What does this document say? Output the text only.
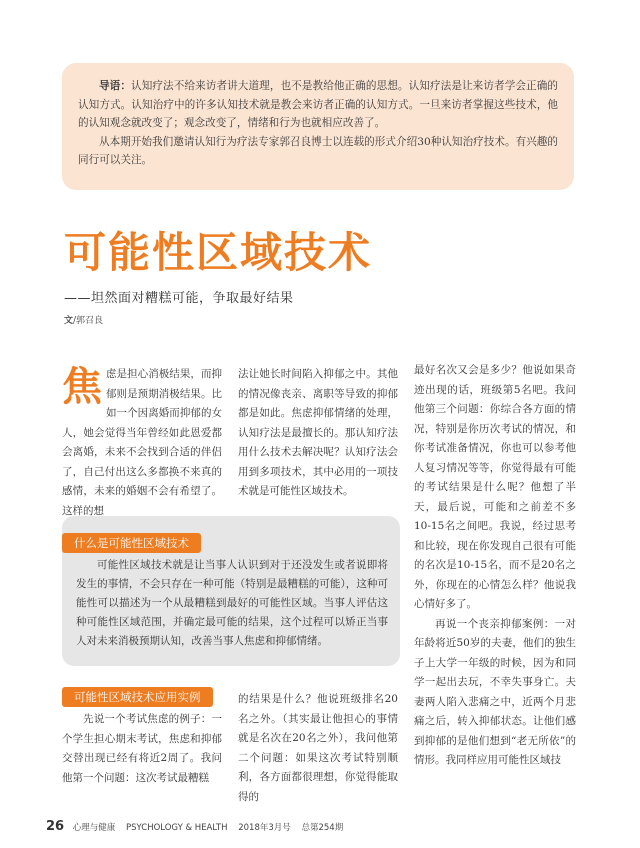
导语：认知疗法不给来访者讲大道理，也不是教给他正确的思想。认知疗法是让来访者学会正确的认知方式。认知治疗中的许多认知技术就是教会来访者正确的认知方式。一旦来访者掌握这些技术，他的认知观念就改变了；观念改变了，情绪和行为也就相应改善了。

从本期开始我们邀请认知行为疗法专家郭召良博士以连载的形式介绍30种认知治疗技术。有兴趣的同行可以关注。

可能性区域技术
——坦然面对糟糕可能，争取最好结果
文/郭召良

焦虑是担心消极结果，而抑郁则是预期消极结果。比如一个因离婚而抑郁的女人，她会觉得当年曾经如此恩爱都会离婚，未来不会找到合适的伴侣了，自己付出这么多都换不来真的感情，未来的婚姻不会有希望了。这样的想

法让她长时间陷入抑郁之中。其他的情况像丧亲、离职等导致的抑郁都是如此。焦虑抑郁情绪的处理，认知疗法是最擅长的。那认知疗法用什么技术去解决呢？认知疗法会用到多项技术，其中必用的一项技术就是可能性区域技术。

什么是可能性区域技术

可能性区域技术就是让当事人认识到对于还没发生或者说即将发生的事情，不会只存在一种可能（特别是最糟糕的可能），这种可能性可以描述为一个从最糟糕到最好的可能性区域。当事人评估这种可能性区域范围，并确定最可能的结果，这个过程可以矫正当事人对未来消极预期认知，改善当事人焦虑和抑郁情绪。

可能性区域技术应用实例

先说一个考试焦虑的例子：一个学生担心期末考试，焦虑和抑郁交替出现已经有将近2周了。我问他第一个问题：这次考试最糟糕

的结果是什么？他说班级排名20名之外。（其实最让他担心的事情就是名次在20名之外），我问他第二个问题：如果这次考试特别顺利，各方面都很理想，你觉得能取得的

最好名次又会是多少？他说如果奇迹出现的话，班级第5名吧。我问他第三个问题：你综合各方面的情况，特别是你历次考试的情况，和你考试准备情况，你也可以参考他人复习情况等等，你觉得最有可能的考试结果是什么呢？他想了半天，最后说，可能和之前差不多10-15名之间吧。我说，经过思考和比较，现在你发现自己很有可能的名次是10-15名，而不是20名之外，你现在的心情怎么样？他说我心情好多了。

再说一个丧亲抑郁案例：一对年龄将近50岁的夫妻，他们的独生子上大学一年级的时候，因为和同学一起出去玩，不幸失事身亡。夫妻两人陷入悲痛之中，近两个月悲痛之后，转入抑郁状态。让他们感到抑郁的是他们想到“老无所依”的情形。我同样应用可能性区域技

26 心理与健康 PSYCHOLOGY & HEALTH 2018年3月号 总第254期
